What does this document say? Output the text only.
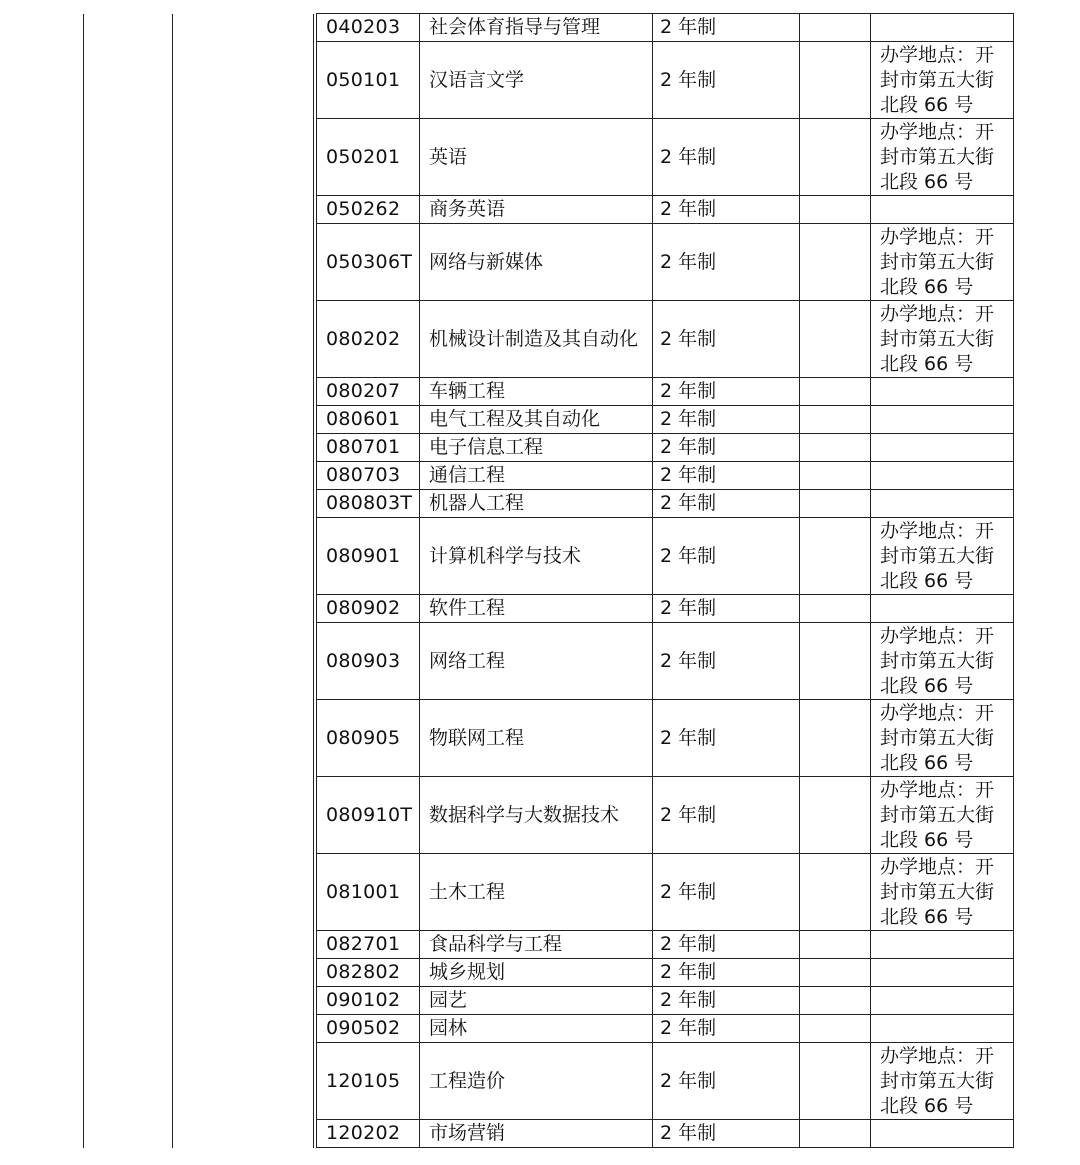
			040203	社会体育指导与管理	2 年制		

			050101	汉语言文学	2 年制		办学地点：开封市第五大街北段 66 号

			050201	英语	2 年制		办学地点：开封市第五大街北段 66 号

			050262	商务英语	2 年制		

			050306T	网络与新媒体	2 年制		办学地点：开封市第五大街北段 66 号

			080202	机械设计制造及其自动化	2 年制		办学地点：开封市第五大街北段 66 号

			080207	车辆工程	2 年制		

			080601	电气工程及其自动化	2 年制		

			080701	电子信息工程	2 年制		

			080703	通信工程	2 年制		

			080803T	机器人工程	2 年制		

			080901	计算机科学与技术	2 年制		办学地点：开封市第五大街北段 66 号

			080902	软件工程	2 年制		

			080903	网络工程	2 年制		办学地点：开封市第五大街北段 66 号

			080905	物联网工程	2 年制		办学地点：开封市第五大街北段 66 号

			080910T	数据科学与大数据技术	2 年制		办学地点：开封市第五大街北段 66 号

			081001	土木工程	2 年制		办学地点：开封市第五大街北段 66 号

			082701	食品科学与工程	2 年制		

			082802	城乡规划	2 年制		

			090102	园艺	2 年制		

			090502	园林	2 年制		

			120105	工程造价	2 年制		办学地点：开封市第五大街北段 66 号

			120202	市场营销	2 年制		
